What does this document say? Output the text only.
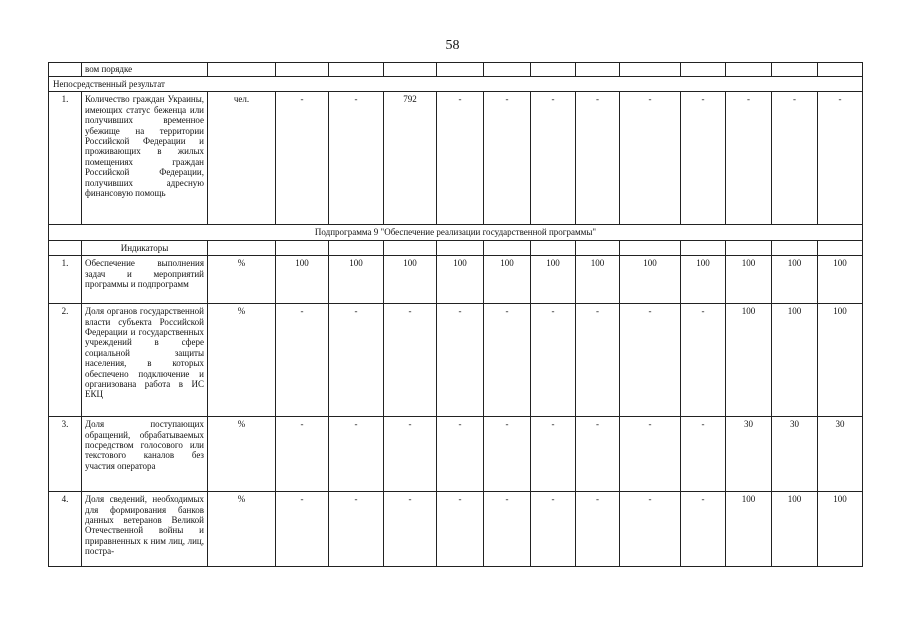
58
	вом порядке													
Непосредственный результат														
1.	Количество граждан Украины, имеющих статус беженца или получивших временное убежище на территории Российской Федерации и проживающих в жилых помещениях граждан Российской Федерации, получивших адресную финансовую помощь	чел.	-	-	792	-	-	-	-	-	-	-	-	-
Подпрограмма 9 "Обеспечение реализации государственной программы"														
	Индикаторы													
1.	Обеспечение выполнения задач и мероприятий программы и подпрограмм	%	100	100	100	100	100	100	100	100	100	100	100	100
2.	Доля органов государственной власти субъекта Российской Федерации и государственных учреждений в сфере социальной защиты населения, в которых обеспечено подключение и организована работа в ИС ЕКЦ	%	-	-	-	-	-	-	-	-	-	100	100	100
3.	Доля поступающих обращений, обрабатываемых посредством голосового или текстового каналов без участия оператора	%	-	-	-	-	-	-	-	-	-	30	30	30
4.	Доля сведений, необходимых для формирования банков данных ветеранов Великой Отечественной войны и приравненных к ним лиц, лиц, постра-	%	-	-	-	-	-	-	-	-	-	100	100	100
